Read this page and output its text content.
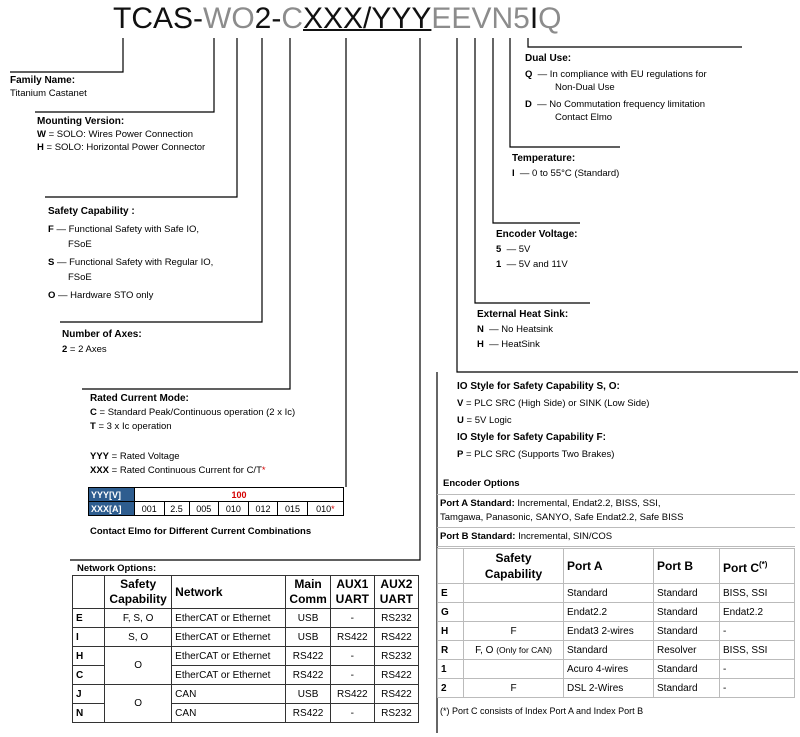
TCAS-WO2-CXXX/YYYEEVN5IQ
Family Name:
Titanium Castanet
Mounting Version:
W = SOLO: Wires Power Connection
H = SOLO: Horizontal Power Connector
Safety Capability :
F — Functional Safety with Safe IO,
FSoE
S — Functional Safety with Regular IO,
FSoE
O — Hardware STO only
Number of Axes:
2 = 2 Axes
Rated Current Mode:
C = Standard Peak/Continuous operation (2 x Ic)
T = 3 x Ic operation
YYY = Rated Voltage
XXX = Rated Continuous Current for C/T*
YYY[V]	100						
XXX[A]	001	2.5	005	010	012	015	010*
Contact Elmo for Different Current Combinations
Network Options:
	Safety Capability	Network	Main Comm	AUX1 UART	AUX2 UART
E	F, S, O	EtherCAT or Ethernet	USB	-	RS232
I	S, O	EtherCAT or Ethernet	USB	RS422	RS422
H	O	EtherCAT or Ethernet	RS422	-	RS232
C		EtherCAT or Ethernet	RS422	-	RS422
J	O	CAN	USB	RS422	RS422
N		CAN	RS422	-	RS232
Dual Use:
Q — In compliance with EU regulations for
Non-Dual Use
D — No Commutation frequency limitation
Contact Elmo
Temperature:
I — 0 to 55°C (Standard)
Encoder Voltage:
5 — 5V
1 — 5V and 11V
External Heat Sink:
N — No Heatsink
H — HeatSink
IO Style for Safety Capability S, O:
V = PLC SRC (High Side) or SINK (Low Side)
U = 5V Logic
IO Style for Safety Capability F:
P = PLC SRC (Supports Two Brakes)
Encoder Options
Port A Standard: Incremental, Endat2.2, BISS, SSI,
Tamgawa, Panasonic, SANYO, Safe Endat2.2, Safe BISS
Port B Standard: Incremental, SIN/COS
	Safety Capability	Port A	Port B	Port C(*)
E		Standard	Standard	BISS, SSI
G		Endat2.2	Standard	Endat2.2
H	F	Endat3 2-wires	Standard	-
R	F, O (Only for CAN)	Standard	Resolver	BISS, SSI
1		Acuro 4-wires	Standard	-
2	F	DSL 2-Wires	Standard	-
(*) Port C consists of Index Port A and Index Port B
